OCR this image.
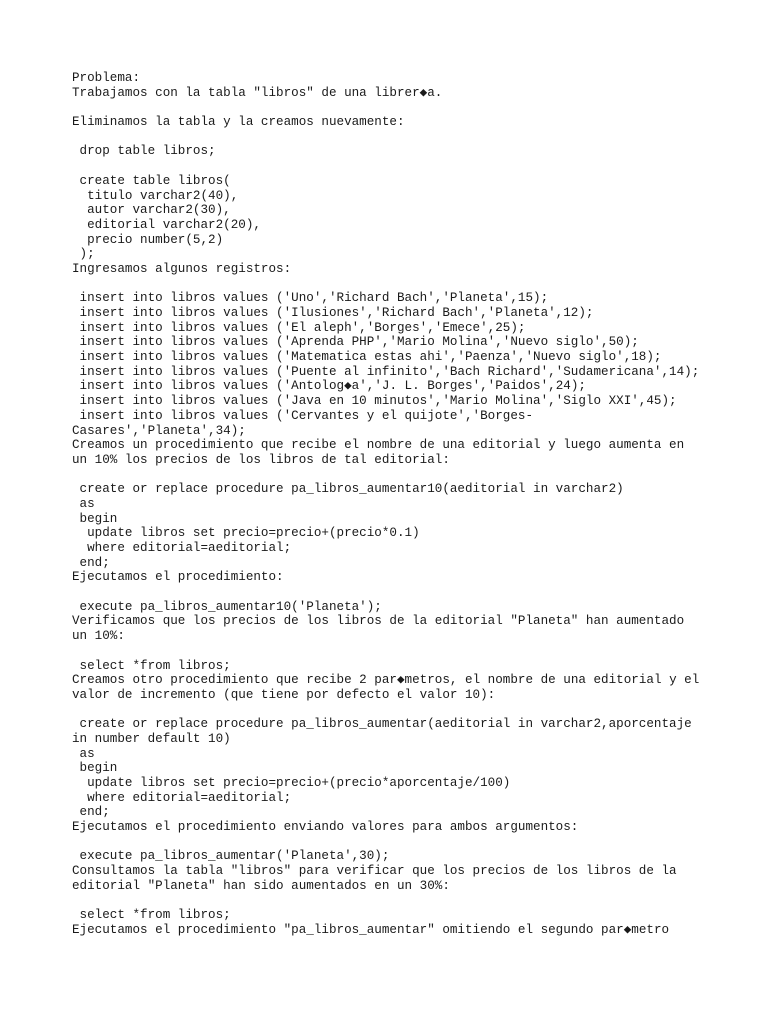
Problema:
Trabajamos con la tabla "libros" de una librer◆a.
Eliminamos la tabla y la creamos nuevamente:
drop table libros;
create table libros(
titulo varchar2(40),
autor varchar2(30),
editorial varchar2(20),
precio number(5,2)
);
Ingresamos algunos registros:
insert into libros values ('Uno','Richard Bach','Planeta',15);
insert into libros values ('Ilusiones','Richard Bach','Planeta',12);
insert into libros values ('El aleph','Borges','Emece',25);
insert into libros values ('Aprenda PHP','Mario Molina','Nuevo siglo',50);
insert into libros values ('Matematica estas ahi','Paenza','Nuevo siglo',18);
insert into libros values ('Puente al infinito','Bach Richard','Sudamericana',14);
insert into libros values ('Antolog◆a','J. L. Borges','Paidos',24);
insert into libros values ('Java en 10 minutos','Mario Molina','Siglo XXI',45);
insert into libros values ('Cervantes y el quijote','Borges-
Casares','Planeta',34);
Creamos un procedimiento que recibe el nombre de una editorial y luego aumenta en
un 10% los precios de los libros de tal editorial:
create or replace procedure pa_libros_aumentar10(aeditorial in varchar2)
as
begin
update libros set precio=precio+(precio*0.1)
where editorial=aeditorial;
end;
Ejecutamos el procedimiento:
execute pa_libros_aumentar10('Planeta');
Verificamos que los precios de los libros de la editorial "Planeta" han aumentado
un 10%:
select *from libros;
Creamos otro procedimiento que recibe 2 par◆metros, el nombre de una editorial y el
valor de incremento (que tiene por defecto el valor 10):
create or replace procedure pa_libros_aumentar(aeditorial in varchar2,aporcentaje
in number default 10)
as
begin
update libros set precio=precio+(precio*aporcentaje/100)
where editorial=aeditorial;
end;
Ejecutamos el procedimiento enviando valores para ambos argumentos:
execute pa_libros_aumentar('Planeta',30);
Consultamos la tabla "libros" para verificar que los precios de los libros de la
editorial "Planeta" han sido aumentados en un 30%:
select *from libros;
Ejecutamos el procedimiento "pa_libros_aumentar" omitiendo el segundo par◆metro
